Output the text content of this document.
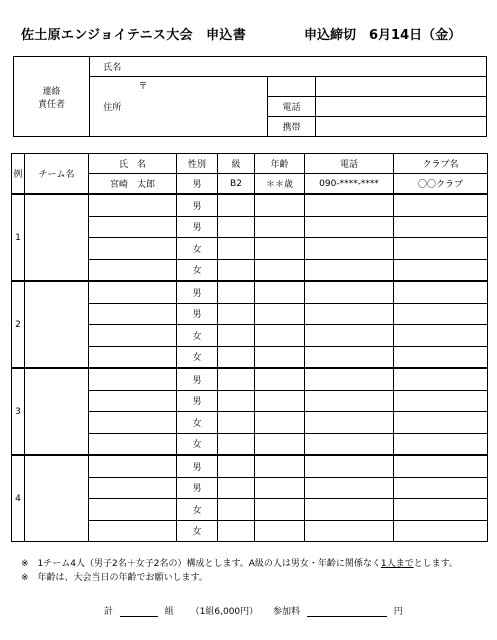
佐土原エンジョイテニス大会　申込書	申込締切　6月14日（金）
連絡
責任者	氏名			
	住所	〒		
			電話	
			携帯	
例	チーム名	氏　名	性別	級	年齢	電話	クラブ名
		宮崎　太郎	男	B2	＊＊歳	090-****-****	〇〇クラブ
1			男				
			男				
			女				
			女				
2			男				
			男				
			女				
			女				
3			男				
			男				
			女				
			女				
4			男				
			男				
			女				
			女				
※　1チーム4人（男子2名＋女子2名の）構成とします。A級の人は男女・年齢に関係なく1人までとします。
※　年齢は、大会当日の年齢でお願いします。
計	組 （1組6,000円） 参加料	円
